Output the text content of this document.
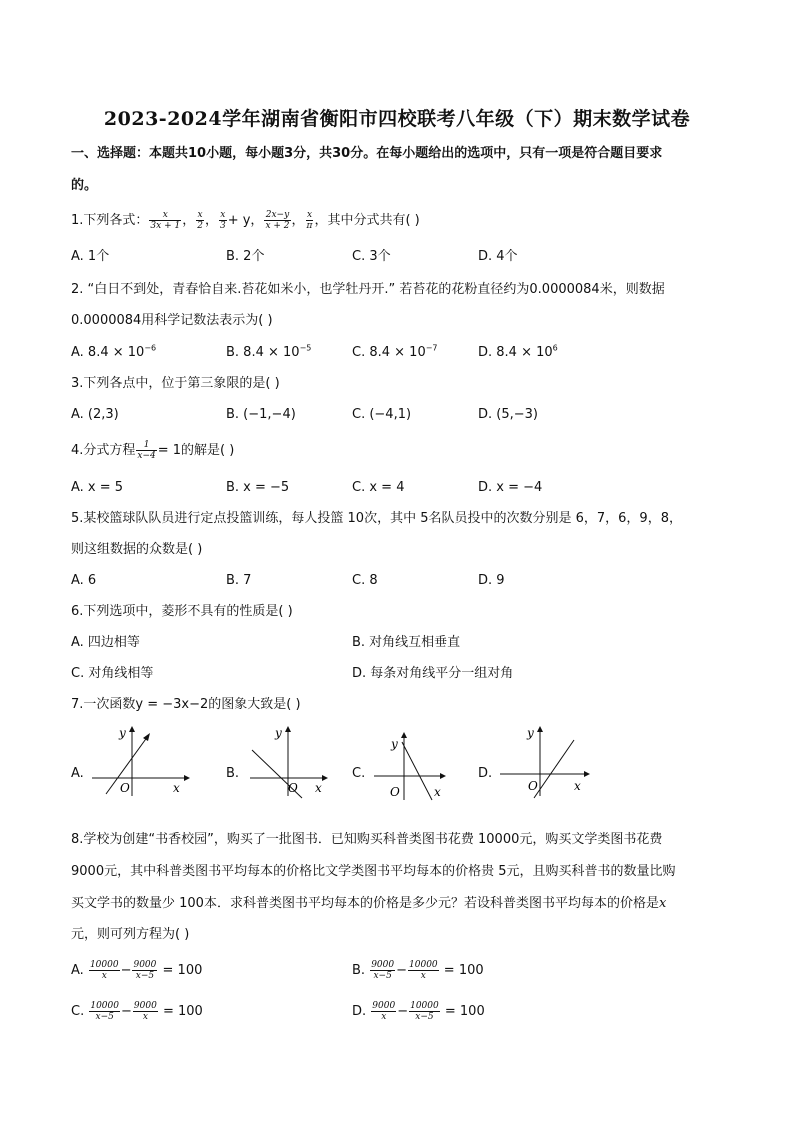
2023-2024学年湖南省衡阳市四校联考八年级（下）期末数学试卷
一、选择题：本题共10小题，每小题3分，共30分。在每小题给出的选项中，只有一项是符合题目要求
的。
1.下列各式： $\frac{x}{3x + 1}$ ， $\frac{x}{2}$ ， $\frac{x}{3} + y$， $\frac{2x-y}{x + 2}$ ， $\frac{x}{\pi}$ ，其中分式共有( )
A. 1个	B. 2个	C. 3个	D. 4个
2. “白日不到处，青春恰自来.苔花如米小，也学牡丹开.” 若苔花的花粉直径约为0.0000084米，则数据
0.0000084用科学记数法表示为( )
A. $8.4 \times 10^{-6}$	B. $8.4 \times 10^{-5}$	C. $8.4 \times 10^{-7}$	D. $8.4 \times 10^6$
3.下列各点中，位于第三象限的是( )
A. (2,3)	B. (−1,−4)	C. (−4,1)	D. (5,−3)
4.分式方程 $\frac{1}{x-4} = 1$的解是( )
A. x = 5	B. x = −5	C. x = 4	D. x = −4
5.某校篮球队队员进行定点投篮训练，每人投篮 10次，其中 5名队员投中的次数分别是 6，7，6，9，8，
则这组数据的众数是( )
A. 6	B. 7	C. 8	D. 9
6.下列选项中，菱形不具有的性质是( )
A. 四边相等	B. 对角线互相垂直
C. 对角线相等	D. 每条对角线平分一组对角
7.一次函数y = −3x−2的图象大致是( )
A.
y
x
O
B.
y
x
O
C.
y
x
O
D.
y
x
O
8.学校为创建“书香校园”，购买了一批图书．已知购买科普类图书花费 10000元，购买文学类图书花费
9000元，其中科普类图书平均每本的价格比文学类图书平均每本的价格贵 5元，且购买科普书的数量比购
买文学书的数量少 100本．求科普类图书平均每本的价格是多少元？若设科普类图书平均每本的价格是x
元，则可列方程为( )
A. $\frac{10000}{x} - \frac{9000}{x-5} = 100$	B. $\frac{9000}{x-5} - \frac{10000}{x} = 100$
C. $\frac{10000}{x-5} - \frac{9000}{x} = 100$	D. $\frac{9000}{x} - \frac{10000}{x-5} = 100$
